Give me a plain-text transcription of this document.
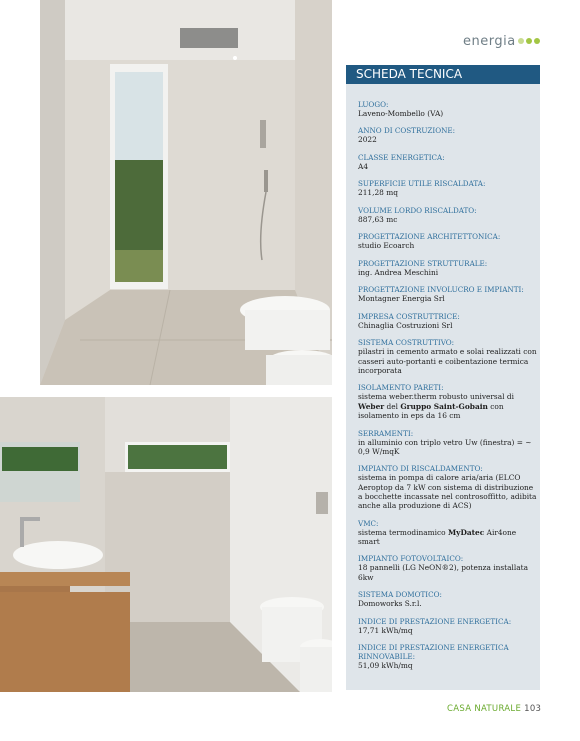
energia
SCHEDA TECNICA
LUOGO:
Laveno-Mombello (VA)
ANNO DI COSTRUZIONE:
2022
CLASSE ENERGETICA:
A4
SUPERFICIE UTILE RISCALDATA:
211,28 mq
VOLUME LORDO RISCALDATO:
887,63 mc
PROGETTAZIONE ARCHITETTONICA:
studio Ecoarch
PROGETTAZIONE STRUTTURALE:
ing. Andrea Meschini
PROGETTAZIONE INVOLUCRO E IMPIANTI:
Montagner Energia Srl
IMPRESA COSTRUTTRICE:
Chinaglia Costruzioni Srl
SISTEMA COSTRUTTIVO:
pilastri in cemento armato e solai realizzati con casseri auto-portanti e coibentazione termica incorporata
ISOLAMENTO PARETI:
sistema weber.therm robusto universal di Weber del Gruppo Saint-Gobain con isolamento in eps da 16 cm
SERRAMENTI:
in alluminio con triplo vetro Uw (finestra) = ~ 0,9 W/mqK
IMPIANTO DI RISCALDAMENTO:
sistema in pompa di calore aria/aria (ELCO Aeroptop da 7 kW con sistema di distribuzione a bocchette incassate nel controsoffitto, adibita anche alla produzione di ACS)
VMC:
sistema termodinamico MyDatec Air4one smart
IMPIANTO FOTOVOLTAICO:
18 pannelli (LG NeON®2), potenza installata 6kw
SISTEMA DOMOTICO:
Domoworks S.r.l.
INDICE DI PRESTAZIONE ENERGETICA:
17,71 kWh/mq
INDICE DI PRESTAZIONE ENERGETICA RINNOVABILE:
51,09 kWh/mq
CASA NATURALE 103
